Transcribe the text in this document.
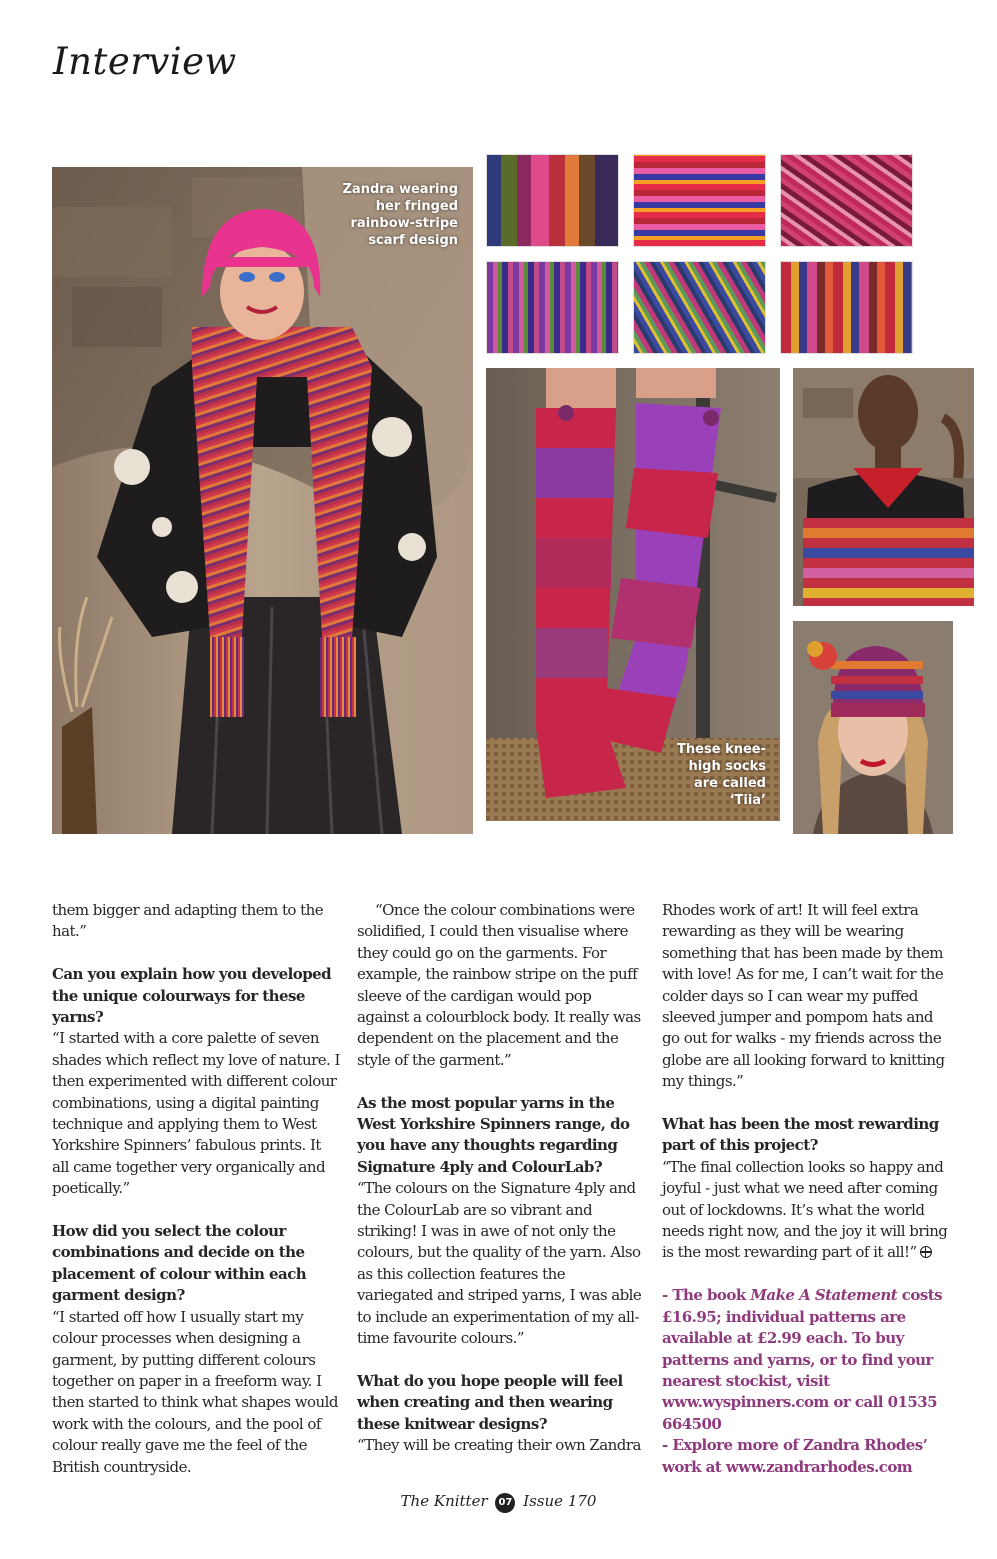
Interview
Zandra wearing her fringed rainbow-stripe scarf design
These knee-high socks are called ‘Tiia’

them bigger and adapting them to the hat.”

Can you explain how you developed the unique colourways for these yarns?

“I started with a core palette of seven shades which reflect my love of nature. I then experimented with different colour combinations, using a digital painting technique and applying them to West Yorkshire Spinners’ fabulous prints. It all came together very organically and poetically.”

How did you select the colour combinations and decide on the placement of colour within each garment design?

“I started off how I usually start my colour processes when designing a garment, by putting different colours together on paper in a freeform way. I then started to think what shapes would work with the colours, and the pool of colour really gave me the feel of the British countryside.

“Once the colour combinations were solidified, I could then visualise where they could go on the garments. For example, the rainbow stripe on the puff sleeve of the cardigan would pop against a colourblock body. It really was dependent on the placement and the style of the garment.”

As the most popular yarns in the West Yorkshire Spinners range, do you have any thoughts regarding Signature 4ply and ColourLab?

“The colours on the Signature 4ply and the ColourLab are so vibrant and striking! I was in awe of not only the colours, but the quality of the yarn. Also as this collection features the variegated and striped yarns, I was able to include an experimentation of my all-time favourite colours.”

What do you hope people will feel when creating and then wearing these knitwear designs?

“They will be creating their own Zandra

Rhodes work of art! It will feel extra rewarding as they will be wearing something that has been made by them with love! As for me, I can’t wait for the colder days so I can wear my puffed sleeved jumper and pompom hats and go out for walks - my friends across the globe are all looking forward to knitting my things.”

What has been the most rewarding part of this project?

“The final collection looks so happy and joyful - just what we need after coming out of lockdowns. It’s what the world needs right now, and the joy it will bring is the most rewarding part of it all!”

- The book Make A Statement costs £16.95; individual patterns are available at £2.99 each. To buy patterns and yarns, or to find your nearest stockist, visit www.wyspinners.com or call 01535 664500

- Explore more of Zandra Rhodes’ work at www.zandrarhodes.com

The Knitter 07 Issue 170
